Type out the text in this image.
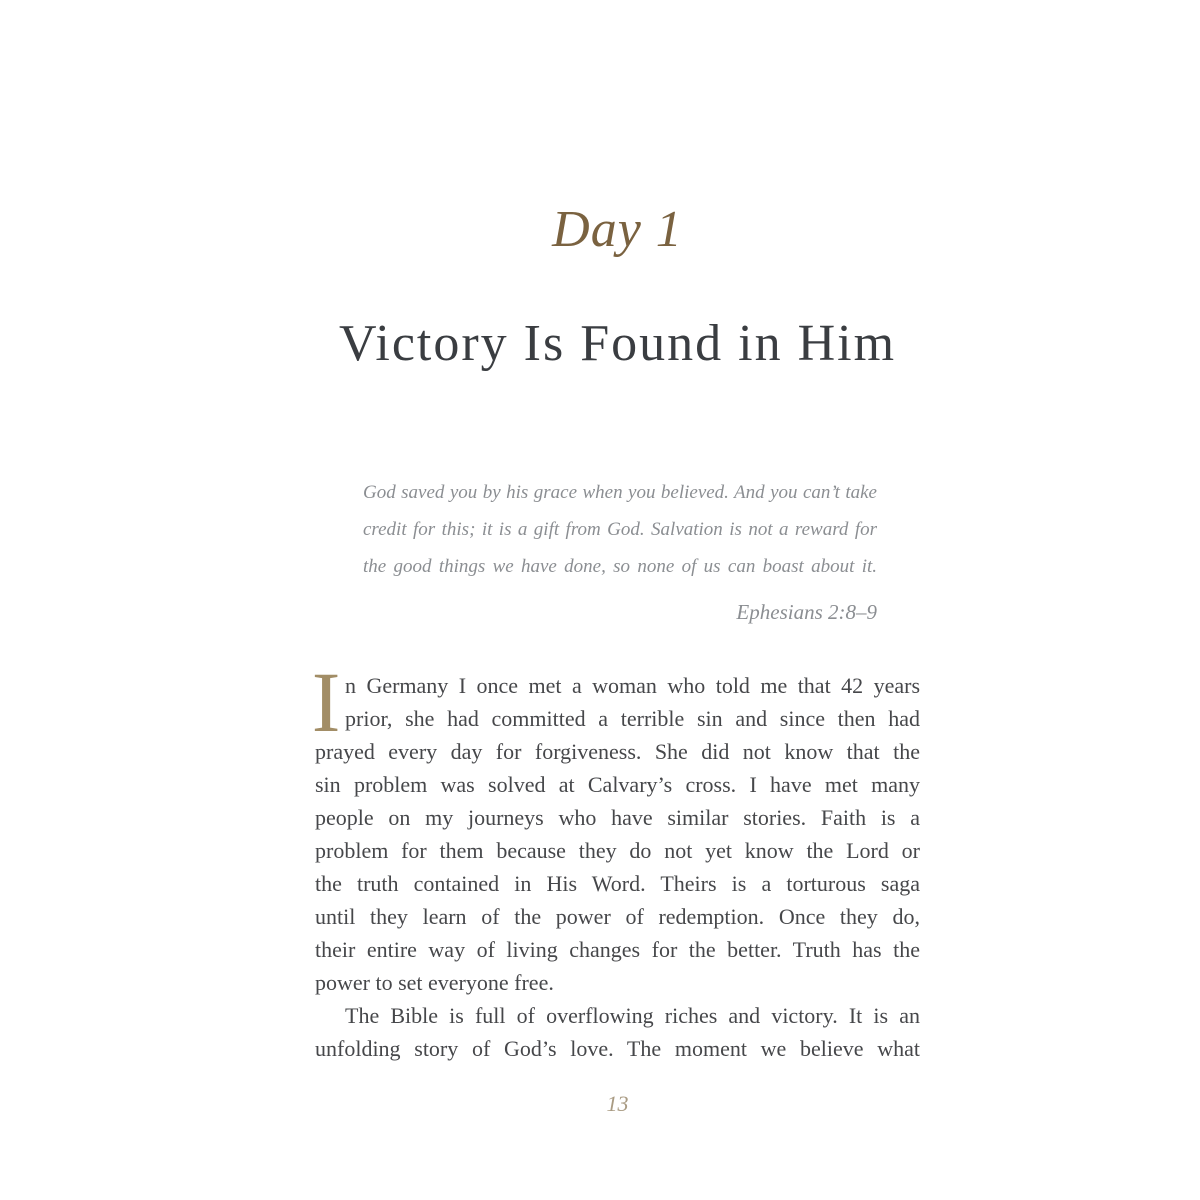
Day 1
Victory Is Found in Him
God saved you by his grace when you believed. And you can’t take
credit for this; it is a gift from God. Salvation is not a reward for
the good things we have done, so none of us can boast about it.
Ephesians 2:8–9
I n Germany I once met a woman who told me that 42 years
prior, she had committed a terrible sin and since then had
prayed every day for forgiveness. She did not know that the
sin problem was solved at Calvary’s cross. I have met many
people on my journeys who have similar stories. Faith is a
problem for them because they do not yet know the Lord or
the truth contained in His Word. Theirs is a torturous saga
until they learn of the power of redemption. Once they do,
their entire way of living changes for the better. Truth has the
power to set everyone free.
The Bible is full of overflowing riches and victory. It is an
unfolding story of God’s love. The moment we believe what
13
